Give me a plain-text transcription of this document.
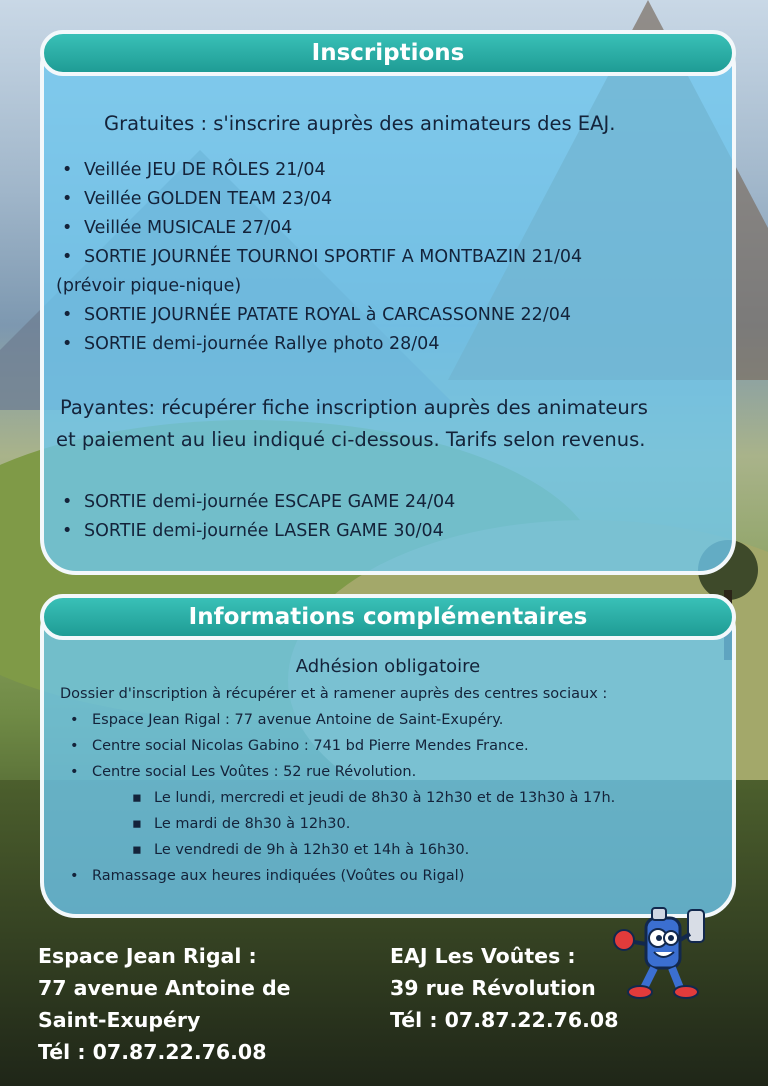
Inscriptions
Gratuites : s'inscrire auprès des animateurs des EAJ.
• Veillée JEU DE RÔLES 21/04
• Veillée GOLDEN TEAM 23/04
• Veillée MUSICALE 27/04
• SORTIE JOURNÉE TOURNOI SPORTIF A MONTBAZIN 21/04
(prévoir pique-nique)
• SORTIE JOURNÉE PATATE ROYAL à CARCASSONNE 22/04
• SORTIE demi-journée Rallye photo 28/04
Payantes: récupérer fiche inscription auprès des animateurs
et paiement au lieu indiqué ci-dessous. Tarifs selon revenus.
• SORTIE demi-journée ESCAPE GAME 24/04
• SORTIE demi-journée LASER GAME 30/04
Informations complémentaires
Adhésion obligatoire
Dossier d'inscription à récupérer et à ramener auprès des centres sociaux :
• Espace Jean Rigal : 77 avenue Antoine de Saint-Exupéry.
• Centre social Nicolas Gabino : 741 bd Pierre Mendes France.
• Centre social Les Voûtes : 52 rue Révolution.
▪ Le lundi, mercredi et jeudi de 8h30 à 12h30 et de 13h30 à 17h.
▪ Le mardi de 8h30 à 12h30.
▪ Le vendredi de 9h à 12h30 et 14h à 16h30.
• Ramassage aux heures indiquées (Voûtes ou Rigal)
Espace Jean Rigal :
77 avenue Antoine de
Saint-Exupéry
Tél : 07.87.22.76.08
EAJ Les Voûtes :
39 rue Révolution
Tél : 07.87.22.76.08
